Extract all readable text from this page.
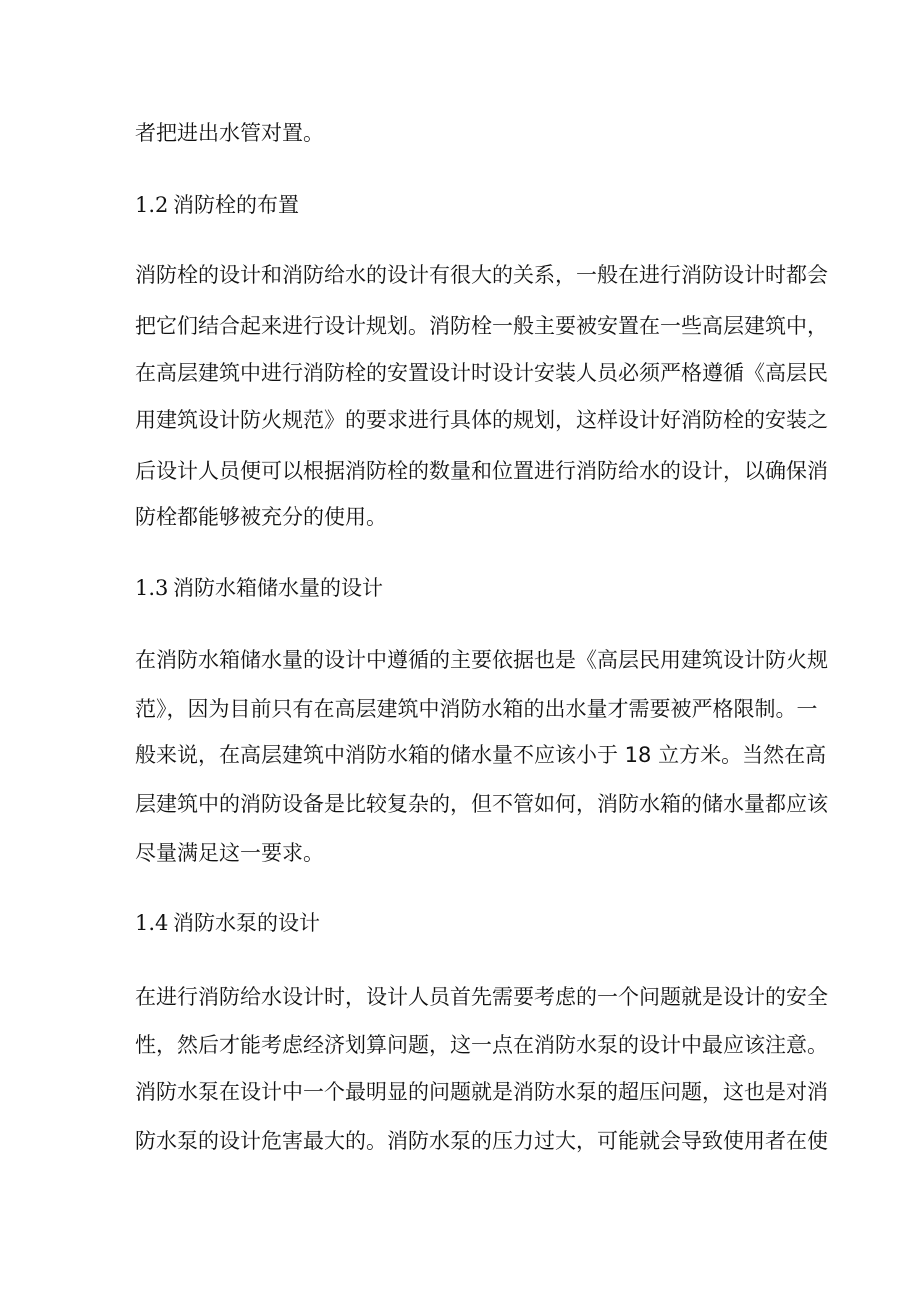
者把进出水管对置。

1.2 消防栓的布置

消防栓的设计和消防给水的设计有很大的关系，一般在进行消防设计时都会

把它们结合起来进行设计规划。消防栓一般主要被安置在一些高层建筑中，

在高层建筑中进行消防栓的安置设计时设计安装人员必须严格遵循《高层民

用建筑设计防火规范》的要求进行具体的规划，这样设计好消防栓的安装之

后设计人员便可以根据消防栓的数量和位置进行消防给水的设计，以确保消

防栓都能够被充分的使用。

1.3 消防水箱储水量的设计

在消防水箱储水量的设计中遵循的主要依据也是《高层民用建筑设计防火规

范》，因为目前只有在高层建筑中消防水箱的出水量才需要被严格限制。一

般来说，在高层建筑中消防水箱的储水量不应该小于 18 立方米。当然在高

层建筑中的消防设备是比较复杂的，但不管如何，消防水箱的储水量都应该

尽量满足这一要求。

1.4 消防水泵的设计

在进行消防给水设计时，设计人员首先需要考虑的一个问题就是设计的安全

性，然后才能考虑经济划算问题，这一点在消防水泵的设计中最应该注意。

消防水泵在设计中一个最明显的问题就是消防水泵的超压问题，这也是对消

防水泵的设计危害最大的。消防水泵的压力过大，可能就会导致使用者在使
